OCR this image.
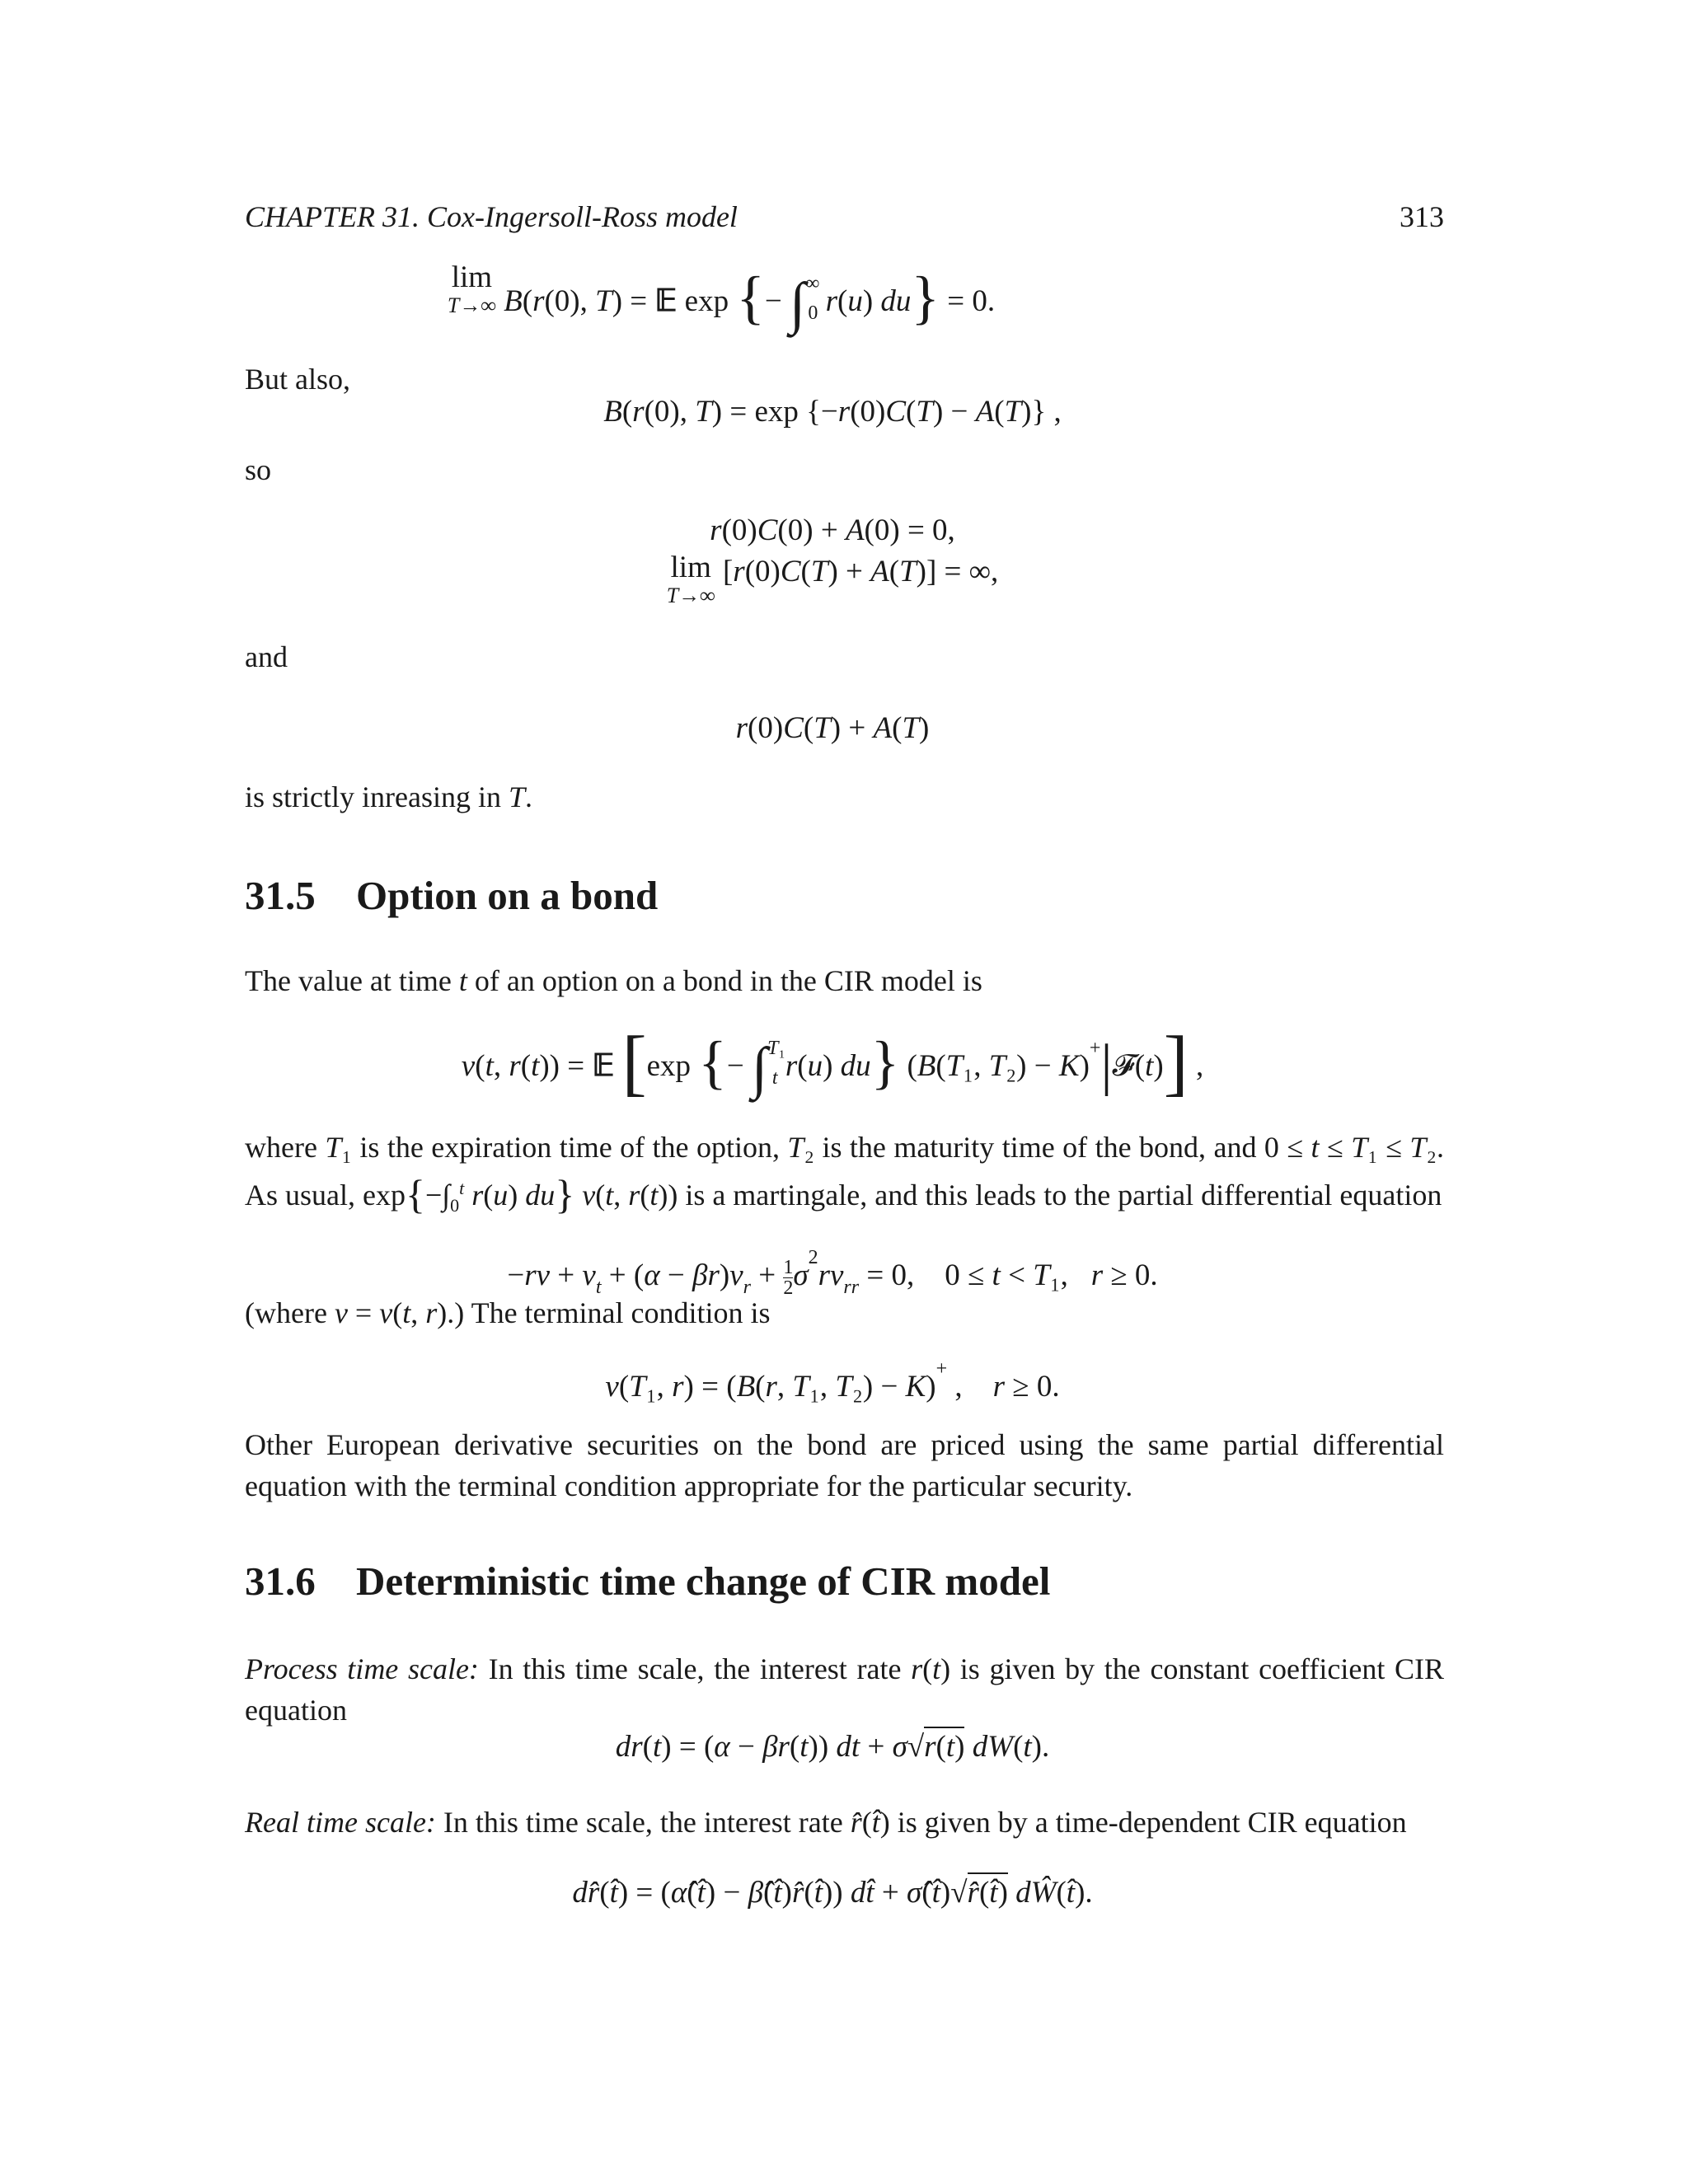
CHAPTER 31. Cox-Ingersoll-Ross model	313
lim
T→∞ B(r(0), T) = 𝔼 exp {− $\int^\infty_0$ r(u) du} = 0.
But also,
B(r(0), T) = exp {−r(0)C(T) − A(T)} ,
so
r(0)C(0) + A(0) = 0,
lim
T→∞
[r(0)C(T) + A(T)] = ∞,
and
r(0)C(T) + A(T)
is strictly inreasing in T.
31.5 Option on a bond
The value at time t of an option on a bond in the CIR model is
v(t, r(t)) = 𝔼 [exp {− ∫$^{T_1}_t$ r(u) du} (B(T₁, T₂) − K)+|𝓕(t)] ,
where T₁ is the expiration time of the option, T₂ is the maturity time of the bond, and 0 ≤ t ≤ T₁ ≤ T₂. As usual, $\exp\{-\int_0^t$ r(u) du} v(t, r(t)) is a martingale, and this leads to the partial differential equation
$-rv + v_t + (\alpha - \beta r)v_r + \frac{1}{2}\sigma^2rv_{rr} = 0$,    0 ≤ t < T₁,   r ≥ 0.
(where v = v(t, r).) The terminal condition is
v(T₁, r) = (B(r, T₁, T₂) − K)+ ,    r ≥ 0.
Other European derivative securities on the bond are priced using the same partial differential equation with the terminal condition appropriate for the particular security.
31.6 Deterministic time change of CIR model
Process time scale: In this time scale, the interest rate r(t) is given by the constant coefficient CIR equation
dr(t) = (α − βr(t)) dt + σ√r(t) dW(t).
Real time scale: In this time scale, the interest rate r̂(t̂) is given by a time-dependent CIR equation
dr̂(t̂) = (α̂(t̂) − β̂(t̂)r̂(t̂)) dt̂ + σ̂(t̂)√r̂(t̂) dŴ(t̂).
